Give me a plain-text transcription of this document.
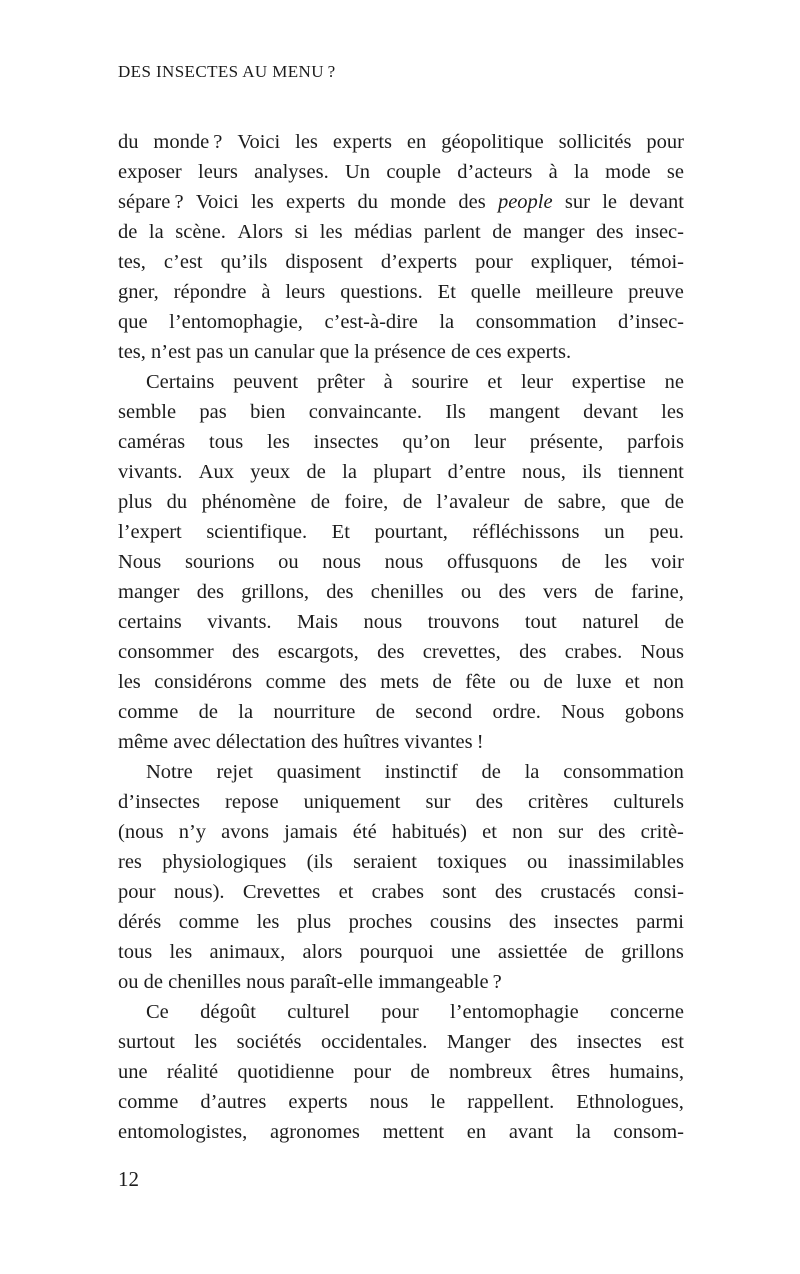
DES INSECTES AU MENU ?
du monde ? Voici les experts en géopolitique sollicités pour
exposer leurs analyses. Un couple d’acteurs à la mode se
sépare ? Voici les experts du monde des people sur le devant
de la scène. Alors si les médias parlent de manger des insec-
tes, c’est qu’ils disposent d’experts pour expliquer, témoi-
gner, répondre à leurs questions. Et quelle meilleure preuve
que l’entomophagie, c’est-à-dire la consommation d’insec-
tes, n’est pas un canular que la présence de ces experts.
Certains peuvent prêter à sourire et leur expertise ne
semble pas bien convaincante. Ils mangent devant les
caméras tous les insectes qu’on leur présente, parfois
vivants. Aux yeux de la plupart d’entre nous, ils tiennent
plus du phénomène de foire, de l’avaleur de sabre, que de
l’expert scientifique. Et pourtant, réfléchissons un peu.
Nous sourions ou nous nous offusquons de les voir
manger des grillons, des chenilles ou des vers de farine,
certains vivants. Mais nous trouvons tout naturel de
consommer des escargots, des crevettes, des crabes. Nous
les considérons comme des mets de fête ou de luxe et non
comme de la nourriture de second ordre. Nous gobons
même avec délectation des huîtres vivantes !
Notre rejet quasiment instinctif de la consommation
d’insectes repose uniquement sur des critères culturels
(nous n’y avons jamais été habitués) et non sur des critè-
res physiologiques (ils seraient toxiques ou inassimilables
pour nous). Crevettes et crabes sont des crustacés consi-
dérés comme les plus proches cousins des insectes parmi
tous les animaux, alors pourquoi une assiettée de grillons
ou de chenilles nous paraît-elle immangeable ?
Ce dégoût culturel pour l’entomophagie concerne
surtout les sociétés occidentales. Manger des insectes est
une réalité quotidienne pour de nombreux êtres humains,
comme d’autres experts nous le rappellent. Ethnologues,
entomologistes, agronomes mettent en avant la consom-
12
